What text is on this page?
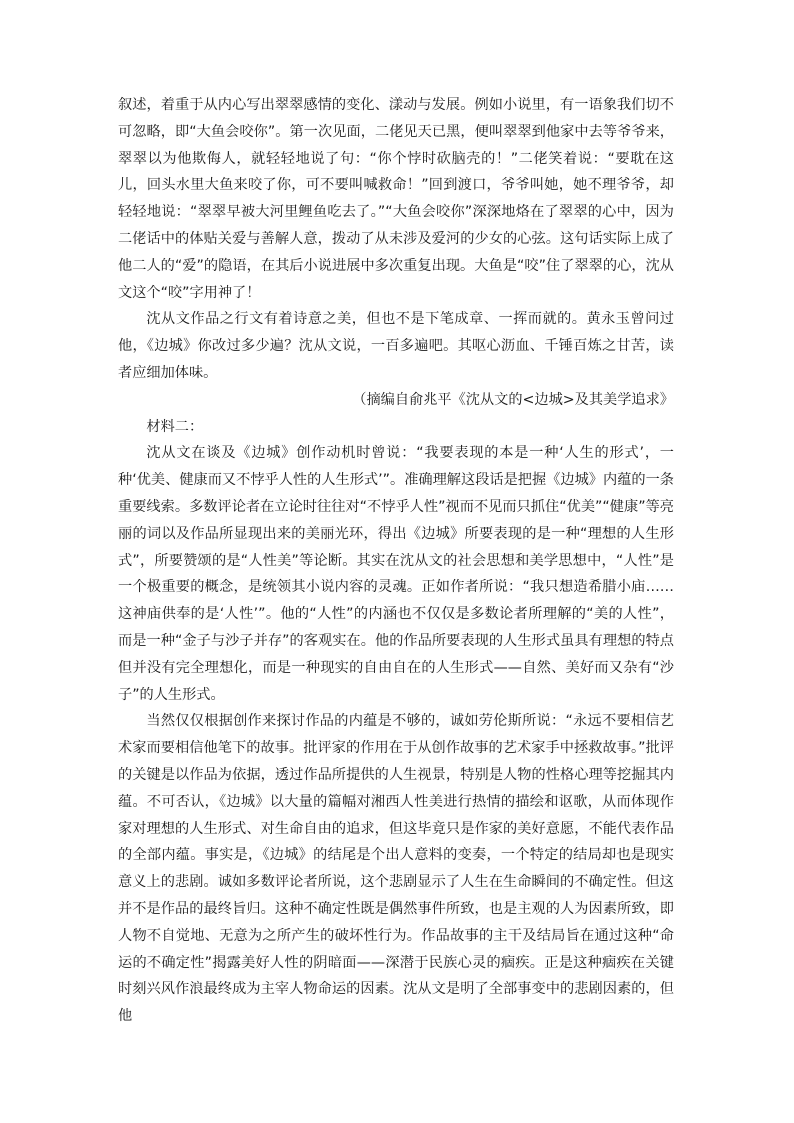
叙述，着重于从内心写出翠翠感情的变化、漾动与发展。例如小说里，有一语象我们切不可忽略，即“大鱼会咬你”。第一次见面，二佬见天已黑，便叫翠翠到他家中去等爷爷来，翠翠以为他欺侮人，就轻轻地说了句：“你个悖时砍脑壳的！”二佬笑着说：“要耽在这儿，回头水里大鱼来咬了你，可不要叫喊救命！”回到渡口，爷爷叫她，她不理爷爷，却轻轻地说：“翠翠早被大河里鲤鱼吃去了。”“大鱼会咬你”深深地烙在了翠翠的心中，因为二佬话中的体贴关爱与善解人意，拨动了从未涉及爱河的少女的心弦。这句话实际上成了他二人的“爱”的隐语，在其后小说进展中多次重复出现。大鱼是“咬”住了翠翠的心，沈从文这个“咬”字用神了！

沈从文作品之行文有着诗意之美，但也不是下笔成章、一挥而就的。黄永玉曾问过他，《边城》你改过多少遍？沈从文说，一百多遍吧。其呕心沥血、千锤百炼之甘苦，读者应细加体味。

（摘编自俞兆平《沈从文的<边城>及其美学追求》

材料二：

沈从文在谈及《边城》创作动机时曾说：“我要表现的本是一种‘人生的形式’，一种‘优美、健康而又不悖乎人性的人生形式’”。准确理解这段话是把握《边城》内蕴的一条重要线索。多数评论者在立论时往往对“不悖乎人性”视而不见而只抓住“优美”“健康”等亮丽的词以及作品所显现出来的美丽光环，得出《边城》所要表现的是一种“理想的人生形式”，所要赞颂的是“人性美”等论断。其实在沈从文的社会思想和美学思想中，“人性”是一个极重要的概念，是统领其小说内容的灵魂。正如作者所说：“我只想造希腊小庙……这神庙供奉的是‘人性’”。他的“人性”的内涵也不仅仅是多数论者所理解的“美的人性”，而是一种“金子与沙子并存”的客观实在。他的作品所要表现的人生形式虽具有理想的特点但并没有完全理想化，而是一种现实的自由自在的人生形式——自然、美好而又杂有“沙子”的人生形式。

当然仅仅根据创作来探讨作品的内蕴是不够的，诚如劳伦斯所说：“永远不要相信艺术家而要相信他笔下的故事。批评家的作用在于从创作故事的艺术家手中拯救故事。”批评的关键是以作品为依据，透过作品所提供的人生视景，特别是人物的性格心理等挖掘其内蕴。不可否认，《边城》以大量的篇幅对湘西人性美进行热情的描绘和讴歌，从而体现作家对理想的人生形式、对生命自由的追求，但这毕竟只是作家的美好意愿，不能代表作品的全部内蕴。事实是，《边城》的结尾是个出人意料的变奏，一个特定的结局却也是现实意义上的悲剧。诚如多数评论者所说，这个悲剧显示了人生在生命瞬间的不确定性。但这并不是作品的最终旨归。这种不确定性既是偶然事件所致，也是主观的人为因素所致，即人物不自觉地、无意为之所产生的破坏性行为。作品故事的主干及结局旨在通过这种“命运的不确定性”揭露美好人性的阴暗面——深潜于民族心灵的痼疾。正是这种痼疾在关键时刻兴风作浪最终成为主宰人物命运的因素。沈从文是明了全部事变中的悲剧因素的，但他
